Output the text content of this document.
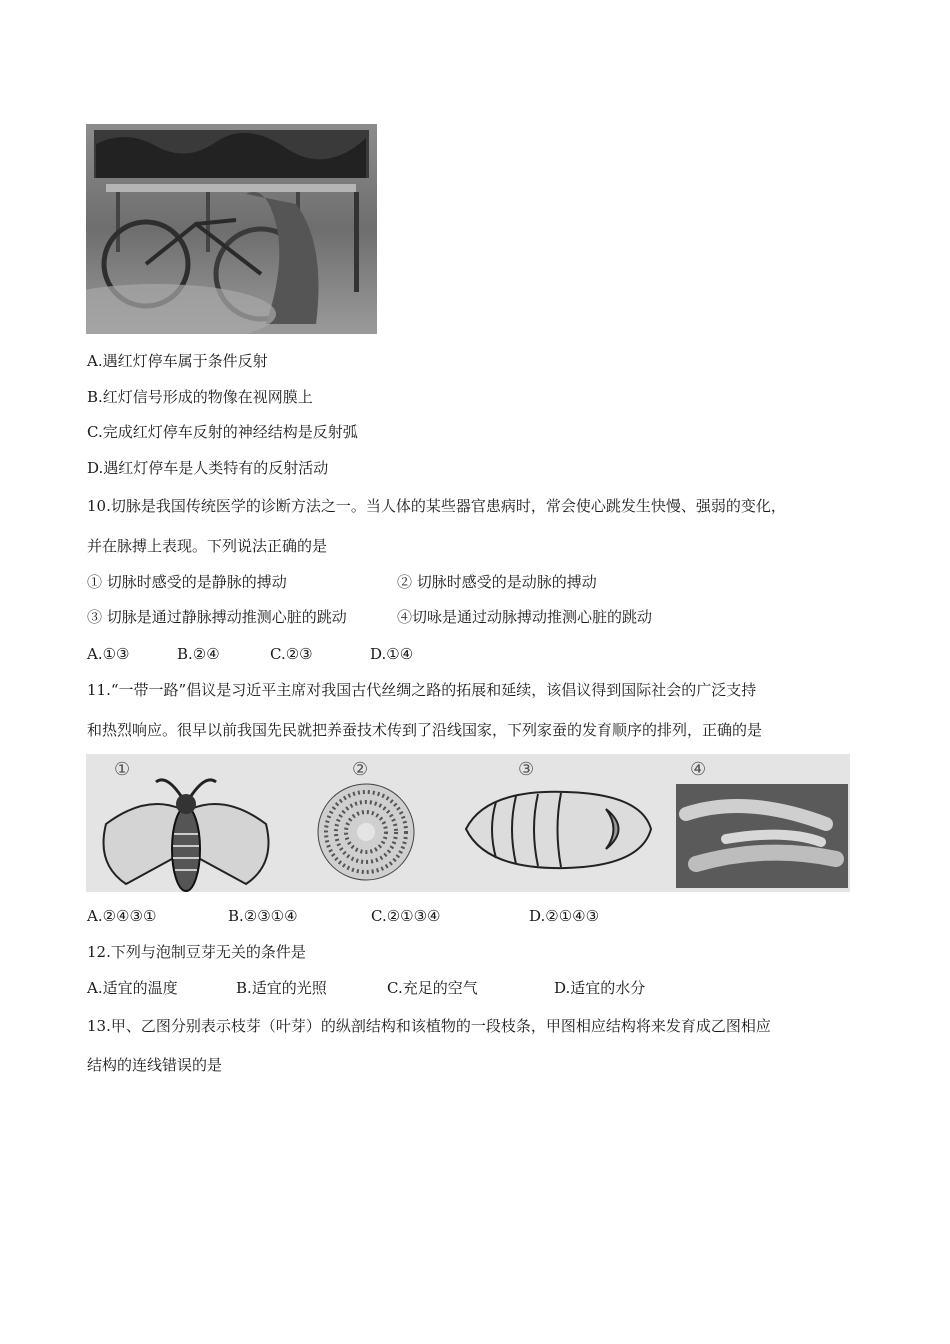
A.遇红灯停车属于条件反射
B.红灯信号形成的物像在视网膜上
C.完成红灯停车反射的神经结构是反射弧
D.遇红灯停车是人类特有的反射活动
10.切脉是我国传统医学的诊断方法之一。当人体的某些器官患病时，常会使心跳发生快慢、强弱的变化，
并在脉搏上表现。下列说法正确的是
① 切脉时感受的是静脉的搏动	② 切脉时感受的是动脉的搏动
③ 切脉是通过静脉搏动推测心脏的跳动	④切咏是通过动脉搏动推测心脏的跳动
A.①③	B.②④	C.②③	D.①④
11.“一带一路”倡议是习近平主席对我国古代丝绸之路的拓展和延续，该倡议得到国际社会的广泛支持
和热烈响应。很早以前我国先民就把养蚕技术传到了沿线国家，下列家蚕的发育顺序的排列，正确的是
①	②	③	④
A.②④③①	B.②③①④	C.②①③④	D.②①④③
12.下列与泡制豆芽无关的条件是
A.适宜的温度	B.适宜的光照	C.充足的空气	D.适宜的水分
13.甲、乙图分别表示枝芽（叶芽）的纵剖结构和该植物的一段枝条，甲图相应结构将来发育成乙图相应
结构的连线错误的是
